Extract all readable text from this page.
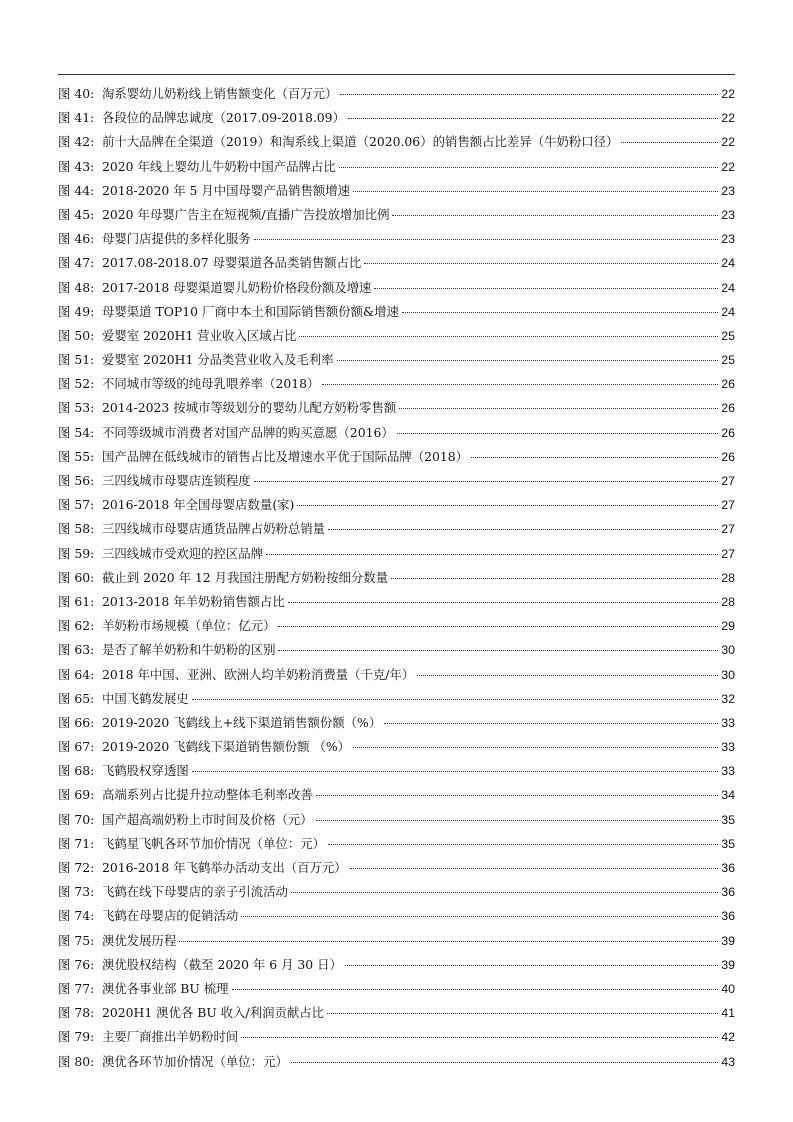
图 40: 淘系婴幼儿奶粉线上销售额变化（百万元）	22
图 41: 各段位的品牌忠诚度（2017.09-2018.09）	22
图 42: 前十大品牌在全渠道（2019）和淘系线上渠道（2020.06）的销售额占比差异（牛奶粉口径）	22
图 43: 2020 年线上婴幼儿牛奶粉中国产品牌占比	22
图 44: 2018-2020 年 5 月中国母婴产品销售额增速	23
图 45: 2020 年母婴广告主在短视频/直播广告投放增加比例	23
图 46: 母婴门店提供的多样化服务	23
图 47: 2017.08-2018.07 母婴渠道各品类销售额占比	24
图 48: 2017-2018 母婴渠道婴儿奶粉价格段份额及增速	24
图 49: 母婴渠道 TOP10 厂商中本土和国际销售额份额&增速	24
图 50: 爱婴室 2020H1 营业收入区域占比	25
图 51: 爱婴室 2020H1 分品类营业收入及毛利率	25
图 52: 不同城市等级的纯母乳喂养率（2018）	26
图 53: 2014-2023 按城市等级划分的婴幼儿配方奶粉零售额	26
图 54: 不同等级城市消费者对国产品牌的购买意愿（2016）	26
图 55: 国产品牌在低线城市的销售占比及增速水平优于国际品牌（2018）	26
图 56: 三四线城市母婴店连锁程度	27
图 57: 2016-2018 年全国母婴店数量(家)	27
图 58: 三四线城市母婴店通货品牌占奶粉总销量	27
图 59: 三四线城市受欢迎的控区品牌	27
图 60: 截止到 2020 年 12 月我国注册配方奶粉按细分数量	28
图 61: 2013-2018 年羊奶粉销售额占比	28
图 62: 羊奶粉市场规模（单位：亿元）	29
图 63: 是否了解羊奶粉和牛奶粉的区别	30
图 64: 2018 年中国、亚洲、欧洲人均羊奶粉消费量（千克/年）	30
图 65: 中国飞鹤发展史	32
图 66: 2019-2020 飞鹤线上+线下渠道销售额份额（%）	33
图 67: 2019-2020 飞鹤线下渠道销售额份额 （%）	33
图 68: 飞鹤股权穿透图	33
图 69: 高端系列占比提升拉动整体毛利率改善	34
图 70: 国产超高端奶粉上市时间及价格（元）	35
图 71: 飞鹤星飞帆各环节加价情况（单位：元）	35
图 72: 2016-2018 年飞鹤举办活动支出（百万元）	36
图 73: 飞鹤在线下母婴店的亲子引流活动	36
图 74: 飞鹤在母婴店的促销活动	36
图 75: 澳优发展历程	39
图 76: 澳优股权结构（截至 2020 年 6 月 30 日）	39
图 77: 澳优各事业部 BU 梳理	40
图 78: 2020H1 澳优各 BU 收入/利润贡献占比	41
图 79: 主要厂商推出羊奶粉时间	42
图 80: 澳优各环节加价情况（单位：元）	43
